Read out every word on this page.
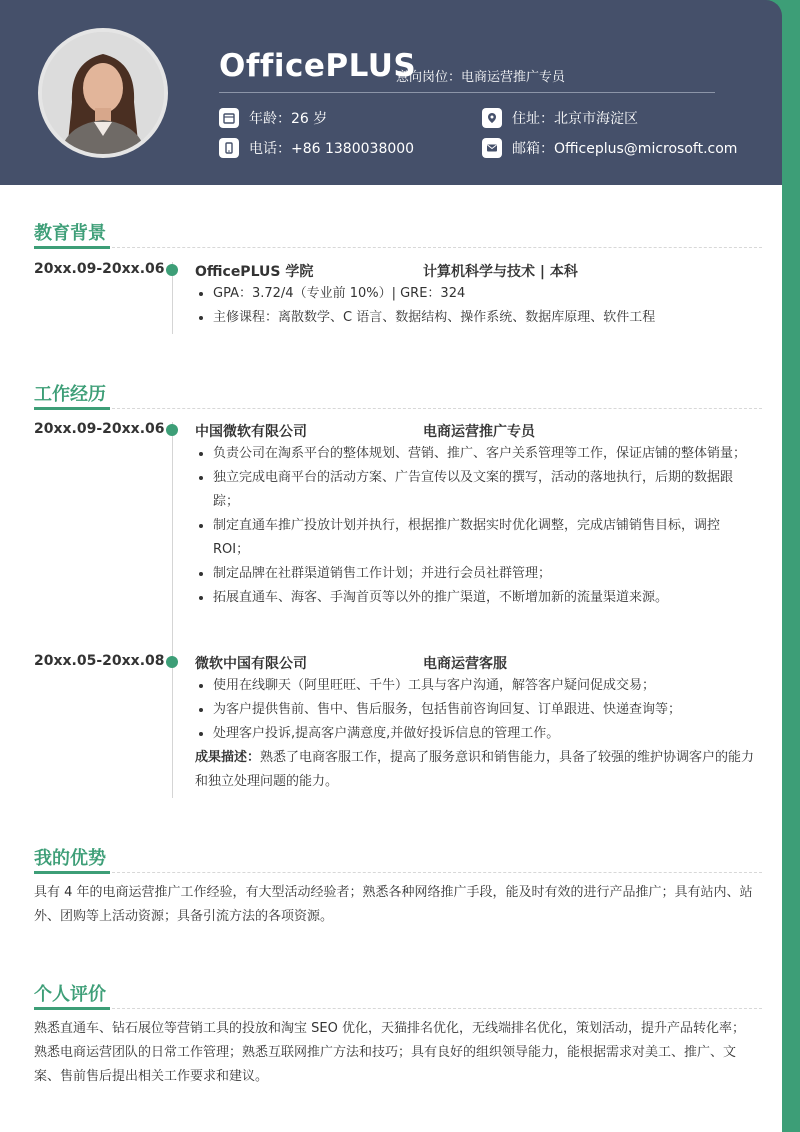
OfficePLUS
意向岗位：电商运营推广专员
年龄：26 岁
电话：+86 1380038000
住址：北京市海淀区
邮箱：Officeplus@microsoft.com
教育背景
20xx.09-20xx.06 OfficePLUS 学院	计算机科学与技术 | 本科
GPA：3.72/4（专业前 10%）| GRE：324
主修课程：离散数学、C 语言、数据结构、操作系统、数据库原理、软件工程
工作经历
20xx.09-20xx.06 中国微软有限公司	电商运营推广专员
负责公司在淘系平台的整体规划、营销、推广、客户关系管理等工作，保证店铺的整体销量；
独立完成电商平台的活动方案、广告宣传以及文案的撰写，活动的落地执行，后期的数据跟踪；
制定直通车推广投放计划并执行，根据推广数据实时优化调整，完成店铺销售目标，调控 ROI；
制定品牌在社群渠道销售工作计划；并进行会员社群管理；
拓展直通车、海客、手淘首页等以外的推广渠道，不断增加新的流量渠道来源。
20xx.05-20xx.08 微软中国有限公司	电商运营客服
使用在线聊天（阿里旺旺、千牛）工具与客户沟通，解答客户疑问促成交易；
为客户提供售前、售中、售后服务，包括售前咨询回复、订单跟进、快递查询等；
处理客户投诉,提高客户满意度,并做好投诉信息的管理工作。
成果描述：熟悉了电商客服工作，提高了服务意识和销售能力，具备了较强的维护协调客户的能力和独立处理问题的能力。
我的优势
具有 4 年的电商运营推广工作经验，有大型活动经验者；熟悉各种网络推广手段，能及时有效的进行产品推广；具有站内、站外、团购等上活动资源；具备引流方法的各项资源。
个人评价
熟悉直通车、钻石展位等营销工具的投放和淘宝 SEO 优化，天猫排名优化，无线端排名优化，策划活动，提升产品转化率；熟悉电商运营团队的日常工作管理；熟悉互联网推广方法和技巧；具有良好的组织领导能力，能根据需求对美工、推广、文案、售前售后提出相关工作要求和建议。
